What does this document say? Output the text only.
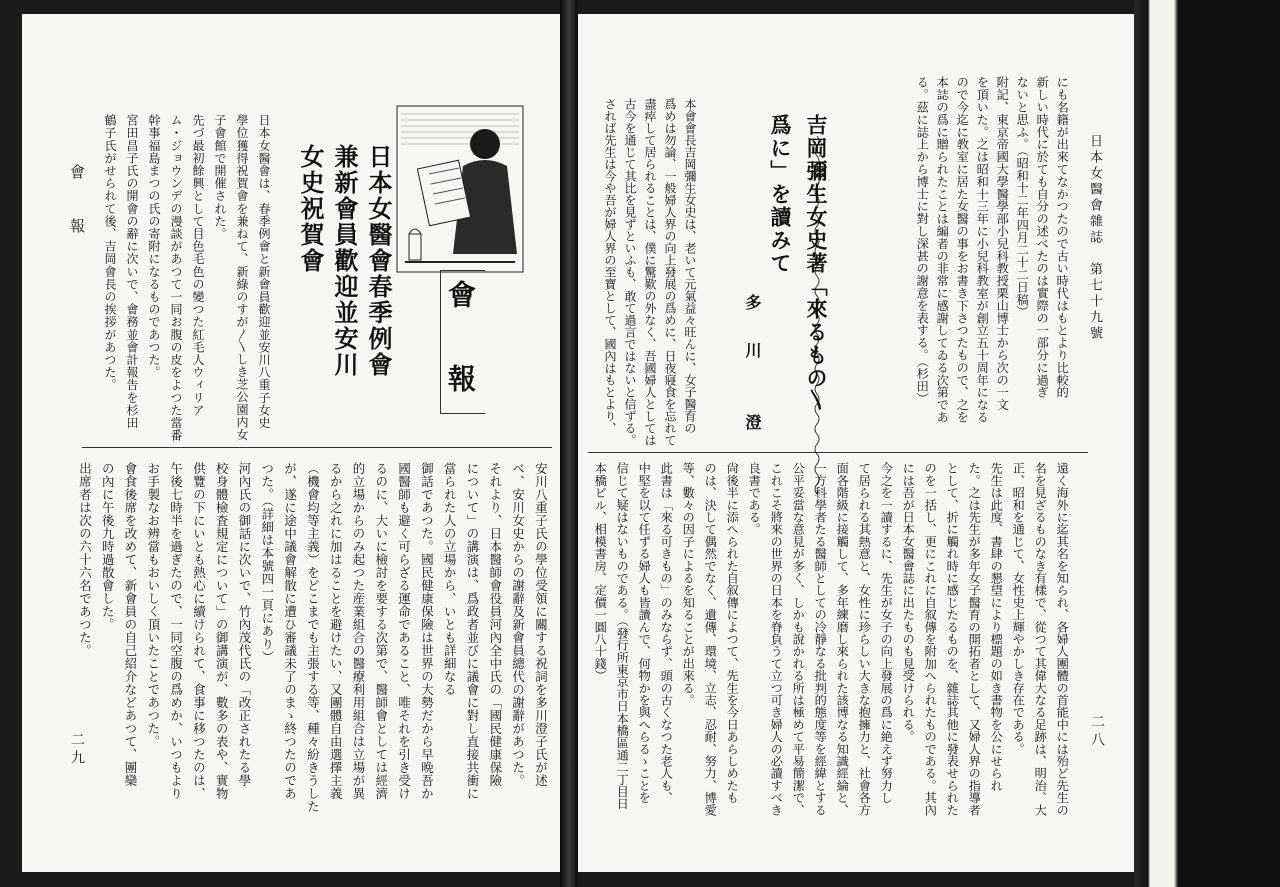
日本女醫會は、春季例會と新會員歡迎並安川八重子女史
學位獲得祝賀會を兼ねて、新綠のすが〳〵しき芝公園内女
子會館で開催された。
先づ最初餘興として目色毛色の變つた紅毛人ウィリア
ム・ジョウンデの漫談があつて一同お腹の皮をよつた當番
幹事福島まつの氏の寄附になるものであつた。
宮田昌子氏の開會の辭に次いで、會務並會計報告を杉田
鶴子氏がせられて後、吉岡會長の挨拶があつた。	日本女醫會春季例會
兼新會員歡迎並安川
女史祝賀會
會　報
安川八重子氏の學位受領に關する祝詞を多川澄子氏が述
べ、安川女史からの謝辭及新會員總代の謝辭があつた。
それより、日本醫師會役員河內全中氏の「國民健康保險
について」の講演は、爲政者並びに議會に對し直接共衝に
當られた人の立場から、いとも詳細なる
御話であつた。國民健康保險は世界の大勢だから早晩吾か
國醫師も避く可らざる運命であること、唯それを引き受け
るのに、大いに檢討を要する次第で、醫師會としては經濟
的立場からのみ起つた産業組合の醫療利用組合は立場が異
るから之れに加はることを避けたい、又團體自由選擇主義
（機會均等主義）をどこまでも主張する等、種々紛きうした
が、遂に途中議會解散に遭ひ審議未了のまゝ終つたのであ
つた。（詳細は本號四一頁にあり）
河內氏の御話に次いで、竹內茂代氏の「改正されたる學
校身體檢査規定について」の御講演が、數多の表や、實物
供覽の下にいとも熱心に續けられて、食事に移つたのは、
午後七時半を過ぎたので、一同空腹の爲めか、いつもより
お手製なお辨當もおいしく頂いたことであつた。
會食後席を改めて、新會員の自己紹介などあつて、團欒
の內に午後九時過散會した。
出席者は次の六十六名であつた。
會　報
二九
日本女醫會雜誌　第七十九號
二八
にも名籍が出來てなかつたので古い時代はもとより比較的
新しい時代に於ても自分の述べたのは實際の一部分に過ぎ
ないと思ふ。（昭和十二年四月二十二日稿）
附記、東京帝國大學醫學部小兒科教授栗山博士から次の一文
を頂いた。之は昭和十三年に小兒科教室が創立五十周年になる
ので今迄に教室に居た女醫の事をお書き下さつたもので、之を
本誌の爲に贈られたことは編者の非常に感謝してゐる次第であ
る。茲に誌上から博士に對し深甚の謝意を表する。（杉田）
吉岡彌生女史著「來るもの〵
爲に」を讀みて
多　川　　澄
本會會長吉岡彌生女史は、老いて元氣益々旺んに、女子醫育の
爲めは勿論、一般婦人界の向上發展の爲めに、日夜寢食を忘れて
盡瘁して居られることは、僕に驚歎の外なく、吾國婦人としては
古今を通じて其比を見ずといふも、敢て過言ではないと信ずる。
されば先生は今や吾が婦人界の至寶として、國內はもとより、
遠く海外に迄其名を知られ、各婦人團體の首能中には殆ど先生の
名を見ざるものなき有樣で、從つて其偉大なる足跡は、明治、大
正、昭和を通じて、女性史上輝やかしき存在である。
先生は此度、書肆の懇望により標題の如き書物を公にせられ
た。之は先生が多年女子醫育の開拓者として、又婦人界の指導者
として、折に觸れ時に感じたるものを、雜誌其他に發表せられた
のを一括し、更にこれに自叙傳を附加へられたものである。其內
には吾が日本女醫會誌に出たものも見受けられる。
今之を一讀するに、先生が女子の向上發展の爲に絶えず努力し
て居られる其熱意と、女性に珍らしい大きな抱擁力と、社會各方
面各階級に接觸して、多年練磨し來られた該博なる知識經綸と、
一方科學者たる醫師としての冷靜なる批判的態度等を經緯とする
公平妥當な意見が多く、しかも說かれる所は極めて平易簡潔で、
これこそ將來の世界の日本を脊負うて立つ可き婦人の必讀すべき
良書である。
尙後半に添へられた自叙傳によつて、先生を今日あらしめたも
のは、決して偶然でなく、遺傳、環境、立志、忍耐、努力、博愛
等、數々の因子によるを知ることが出來る。
此書は「來る可きもの」のみならず、頭の古くなつた老人も、
中堅を以て任ずる婦人も皆讀んで、何物かを與へらるゝことを
信じて疑はないものである。（發行所東京市日本橋區通二丁目日
本橋ビル、相模書房、定價一圓八十錢）
